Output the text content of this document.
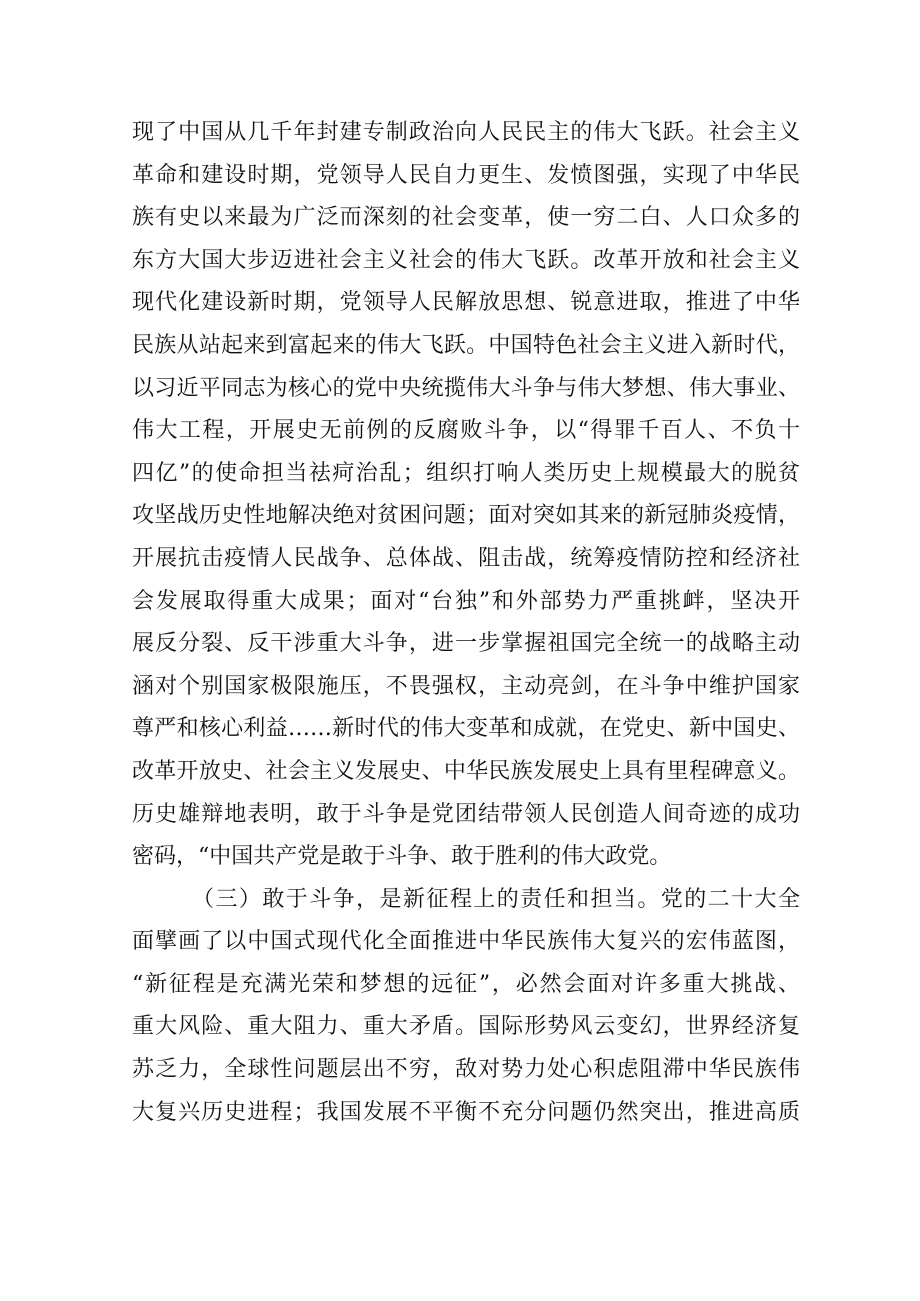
现了中国从几千年封建专制政治向人民民主的伟大飞跃。社会主义
革命和建设时期，党领导人民自力更生、发愤图强，实现了中华民
族有史以来最为广泛而深刻的社会变革，使一穷二白、人口众多的
东方大国大步迈进社会主义社会的伟大飞跃。改革开放和社会主义
现代化建设新时期，党领导人民解放思想、锐意进取，推进了中华
民族从站起来到富起来的伟大飞跃。中国特色社会主义进入新时代，
以习近平同志为核心的党中央统揽伟大斗争与伟大梦想、伟大事业、
伟大工程，开展史无前例的反腐败斗争，以“得罪千百人、不负十
四亿”的使命担当祛疴治乱；组织打响人类历史上规模最大的脱贫
攻坚战历史性地解决绝对贫困问题；面对突如其来的新冠肺炎疫情，
开展抗击疫情人民战争、总体战、阻击战，统筹疫情防控和经济社
会发展取得重大成果；面对“台独”和外部势力严重挑衅，坚决开
展反分裂、反干涉重大斗争，进一步掌握祖国完全统一的战略主动
涵对个别国家极限施压，不畏强权，主动亮剑，在斗争中维护国家
尊严和核心利益……新时代的伟大变革和成就，在党史、新中国史、
改革开放史、社会主义发展史、中华民族发展史上具有里程碑意义。
历史雄辩地表明，敢于斗争是党团结带领人民创造人间奇迹的成功
密码，“中国共产党是敢于斗争、敢于胜利的伟大政党。
（三）敢于斗争，是新征程上的责任和担当。党的二十大全
面擘画了以中国式现代化全面推进中华民族伟大复兴的宏伟蓝图，
“新征程是充满光荣和梦想的远征”，必然会面对许多重大挑战、
重大风险、重大阻力、重大矛盾。国际形势风云变幻，世界经济复
苏乏力，全球性问题层出不穷，敌对势力处心积虑阻滞中华民族伟
大复兴历史进程；我国发展不平衡不充分问题仍然突出，推进高质
